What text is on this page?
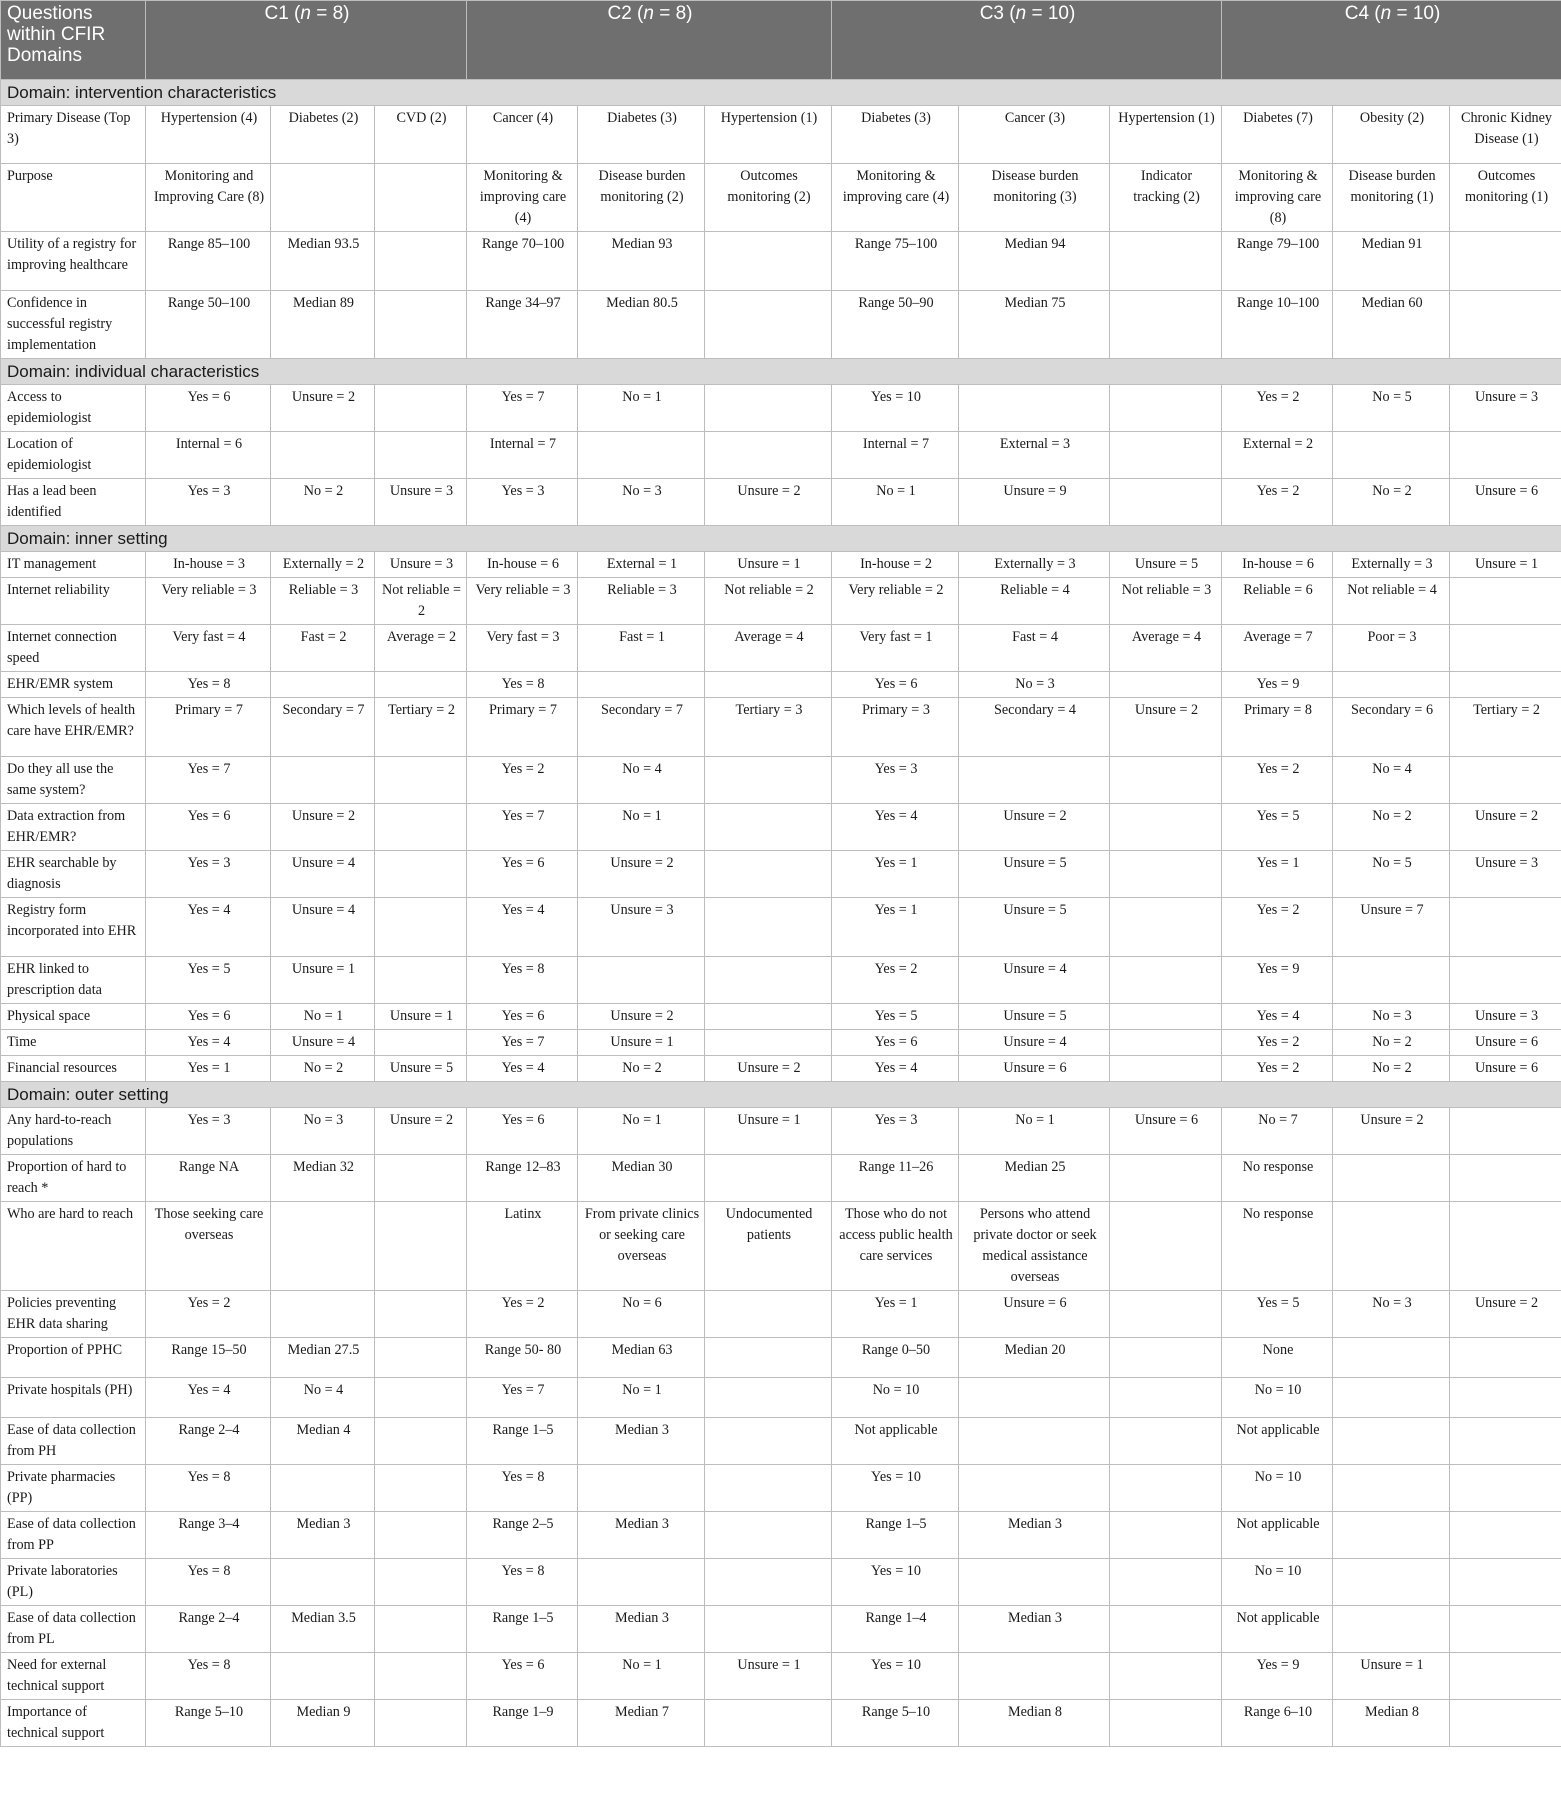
Questions within CFIR Domains	C1 (n = 8)			C2 (n = 8)			C3 (n = 10)			C4 (n = 10)		
Domain: intervention characteristics												
Primary Disease (Top 3)	Hypertension (4)	Diabetes (2)	CVD (2)	Cancer (4)	Diabetes (3)	Hypertension (1)	Diabetes (3)	Cancer (3)	Hypertension (1)	Diabetes (7)	Obesity (2)	Chronic Kidney Disease (1)
Purpose	Monitoring and Improving Care (8)			Monitoring & improving care (4)	Disease burden monitoring (2)	Outcomes monitoring (2)	Monitoring & improving care (4)	Disease burden monitoring (3)	Indicator tracking (2)	Monitoring & improving care (8)	Disease burden monitoring (1)	Outcomes monitoring (1)
Utility of a registry for improving healthcare	Range 85–100	Median 93.5		Range 70–100	Median 93		Range 75–100	Median 94		Range 79–100	Median 91	
Confidence in successful registry implementation	Range 50–100	Median 89		Range 34–97	Median 80.5		Range 50–90	Median 75		Range 10–100	Median 60	
Domain: individual characteristics												
Access to epidemiologist	Yes = 6	Unsure = 2		Yes = 7	No = 1		Yes = 10			Yes = 2	No = 5	Unsure = 3
Location of epidemiologist	Internal = 6			Internal = 7			Internal = 7	External = 3		External = 2		
Has a lead been identified	Yes = 3	No = 2	Unsure = 3	Yes = 3	No = 3	Unsure = 2	No = 1	Unsure = 9		Yes = 2	No = 2	Unsure = 6
Domain: inner setting												
IT management	In-house = 3	Externally = 2	Unsure = 3	In-house = 6	External = 1	Unsure = 1	In-house = 2	Externally = 3	Unsure = 5	In-house = 6	Externally = 3	Unsure = 1
Internet reliability	Very reliable = 3	Reliable = 3	Not reliable = 2	Very reliable = 3	Reliable = 3	Not reliable = 2	Very reliable = 2	Reliable = 4	Not reliable = 3	Reliable = 6	Not reliable = 4	
Internet connection speed	Very fast = 4	Fast = 2	Average = 2	Very fast = 3	Fast = 1	Average = 4	Very fast = 1	Fast = 4	Average = 4	Average = 7	Poor = 3	
EHR/EMR system	Yes = 8			Yes = 8			Yes = 6	No = 3		Yes = 9		
Which levels of health care have EHR/EMR?	Primary = 7	Secondary = 7	Tertiary = 2	Primary = 7	Secondary = 7	Tertiary = 3	Primary = 3	Secondary = 4	Unsure = 2	Primary = 8	Secondary = 6	Tertiary = 2
Do they all use the same system?	Yes = 7			Yes = 2	No = 4		Yes = 3			Yes = 2	No = 4	
Data extraction from EHR/EMR?	Yes = 6	Unsure = 2		Yes = 7	No = 1		Yes = 4	Unsure = 2		Yes = 5	No = 2	Unsure = 2
EHR searchable by diagnosis	Yes = 3	Unsure = 4		Yes = 6	Unsure = 2		Yes = 1	Unsure = 5		Yes = 1	No = 5	Unsure = 3
Registry form incorporated into EHR	Yes = 4	Unsure = 4		Yes = 4	Unsure = 3		Yes = 1	Unsure = 5		Yes = 2	Unsure = 7	
EHR linked to prescription data	Yes = 5	Unsure = 1		Yes = 8			Yes = 2	Unsure = 4		Yes = 9		
Physical space	Yes = 6	No = 1	Unsure = 1	Yes = 6	Unsure = 2		Yes = 5	Unsure = 5		Yes = 4	No = 3	Unsure = 3
Time	Yes = 4	Unsure = 4		Yes = 7	Unsure = 1		Yes = 6	Unsure = 4		Yes = 2	No = 2	Unsure = 6
Financial resources	Yes = 1	No = 2	Unsure = 5	Yes = 4	No = 2	Unsure = 2	Yes = 4	Unsure = 6		Yes = 2	No = 2	Unsure = 6
Domain: outer setting												
Any hard-to-reach populations	Yes = 3	No = 3	Unsure = 2	Yes = 6	No = 1	Unsure = 1	Yes = 3	No = 1	Unsure = 6	No = 7	Unsure = 2	
Proportion of hard to reach *	Range NA	Median 32		Range 12–83	Median 30		Range 11–26	Median 25		No response		
Who are hard to reach	Those seeking care overseas			Latinx	From private clinics or seeking care overseas	Undocumented patients	Those who do not access public health care services	Persons who attend private doctor or seek medical assistance overseas		No response		
Policies preventing EHR data sharing	Yes = 2			Yes = 2	No = 6		Yes = 1	Unsure = 6		Yes = 5	No = 3	Unsure = 2
Proportion of PPHC	Range 15–50	Median 27.5		Range 50- 80	Median 63		Range 0–50	Median 20		None		
Private hospitals (PH)	Yes = 4	No = 4		Yes = 7	No = 1		No = 10			No = 10		
Ease of data collection from PH	Range 2–4	Median 4		Range 1–5	Median 3		Not applicable			Not applicable		
Private pharmacies (PP)	Yes = 8			Yes = 8			Yes = 10			No = 10		
Ease of data collection from PP	Range 3–4	Median 3		Range 2–5	Median 3		Range 1–5	Median 3		Not applicable		
Private laboratories (PL)	Yes = 8			Yes = 8			Yes = 10			No = 10		
Ease of data collection from PL	Range 2–4	Median 3.5		Range 1–5	Median 3		Range 1–4	Median 3		Not applicable		
Need for external technical support	Yes = 8			Yes = 6	No = 1	Unsure = 1	Yes = 10			Yes = 9	Unsure = 1	
Importance of technical support	Range 5–10	Median 9		Range 1–9	Median 7		Range 5–10	Median 8		Range 6–10	Median 8	
